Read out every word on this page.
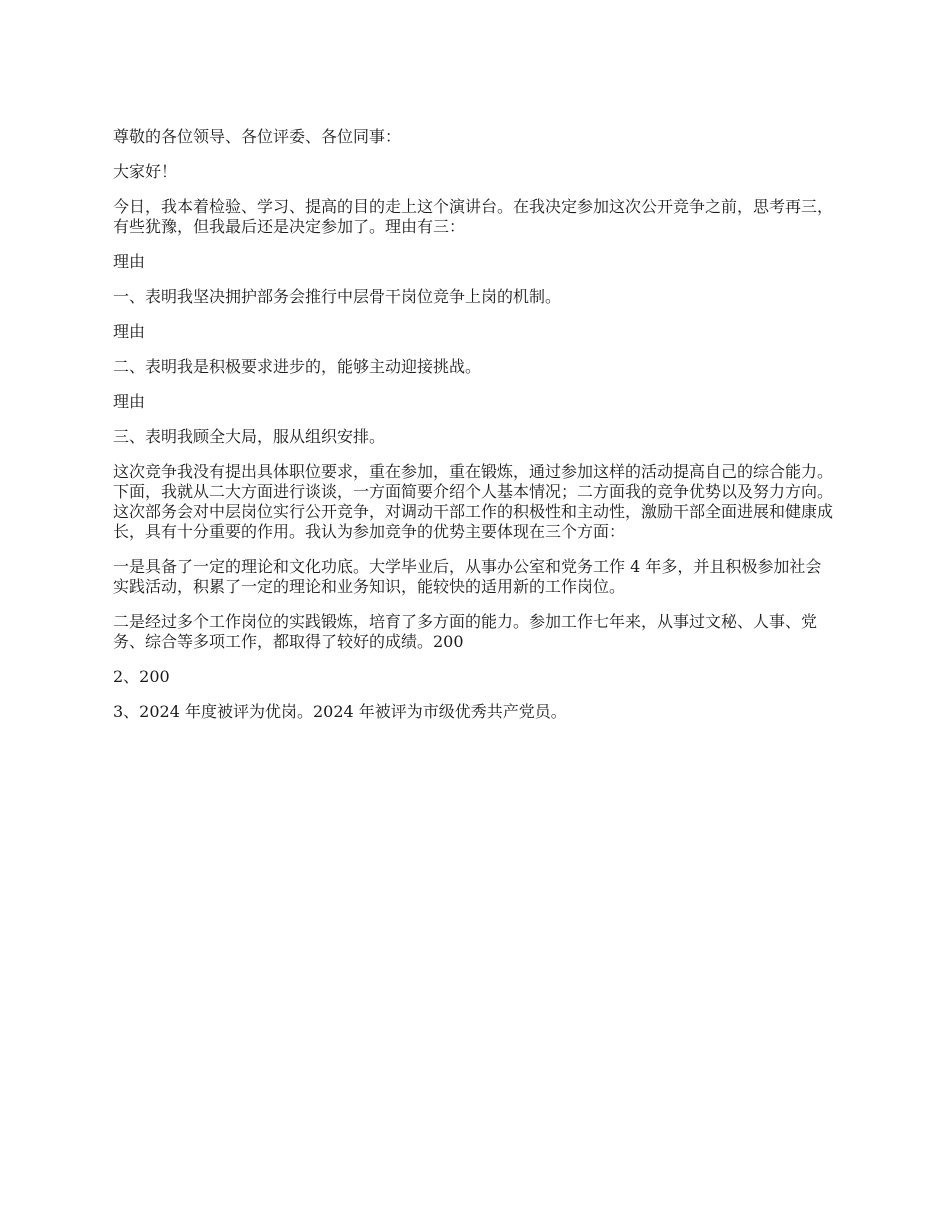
尊敬的各位领导、各位评委、各位同事：

大家好！

今日，我本着检验、学习、提高的目的走上这个演讲台。在我决定参加这次公开竞争之前，思考再三，有些犹豫，但我最后还是决定参加了。理由有三：

理由

一、表明我坚决拥护部务会推行中层骨干岗位竞争上岗的机制。

理由

二、表明我是积极要求进步的，能够主动迎接挑战。

理由

三、表明我顾全大局，服从组织安排。

这次竞争我没有提出具体职位要求，重在参加，重在锻炼，通过参加这样的活动提高自己的综合能力。下面，我就从二大方面进行谈谈，一方面简要介绍个人基本情况；二方面我的竞争优势以及努力方向。这次部务会对中层岗位实行公开竞争，对调动干部工作的积极性和主动性，激励干部全面进展和健康成长，具有十分重要的作用。我认为参加竞争的优势主要体现在三个方面：

一是具备了一定的理论和文化功底。大学毕业后，从事办公室和党务工作 4 年多，并且积极参加社会实践活动，积累了一定的理论和业务知识，能较快的适用新的工作岗位。

二是经过多个工作岗位的实践锻炼，培育了多方面的能力。参加工作七年来，从事过文秘、人事、党务、综合等多项工作，都取得了较好的成绩。200

2、200

3、2024 年度被评为优岗。2024 年被评为市级优秀共产党员。
